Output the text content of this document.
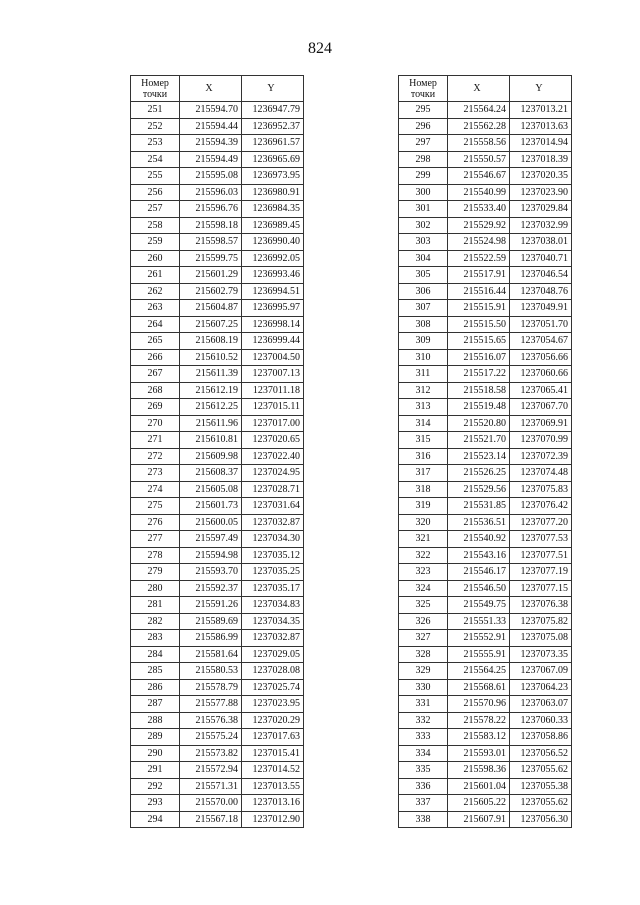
824
Номер точки	X	Y
251	215594.70	1236947.79
252	215594.44	1236952.37
253	215594.39	1236961.57
254	215594.49	1236965.69
255	215595.08	1236973.95
256	215596.03	1236980.91
257	215596.76	1236984.35
258	215598.18	1236989.45
259	215598.57	1236990.40
260	215599.75	1236992.05
261	215601.29	1236993.46
262	215602.79	1236994.51
263	215604.87	1236995.97
264	215607.25	1236998.14
265	215608.19	1236999.44
266	215610.52	1237004.50
267	215611.39	1237007.13
268	215612.19	1237011.18
269	215612.25	1237015.11
270	215611.96	1237017.00
271	215610.81	1237020.65
272	215609.98	1237022.40
273	215608.37	1237024.95
274	215605.08	1237028.71
275	215601.73	1237031.64
276	215600.05	1237032.87
277	215597.49	1237034.30
278	215594.98	1237035.12
279	215593.70	1237035.25
280	215592.37	1237035.17
281	215591.26	1237034.83
282	215589.69	1237034.35
283	215586.99	1237032.87
284	215581.64	1237029.05
285	215580.53	1237028.08
286	215578.79	1237025.74
287	215577.88	1237023.95
288	215576.38	1237020.29
289	215575.24	1237017.63
290	215573.82	1237015.41
291	215572.94	1237014.52
292	215571.31	1237013.55
293	215570.00	1237013.16
294	215567.18	1237012.90
Номер точки	X	Y
295	215564.24	1237013.21
296	215562.28	1237013.63
297	215558.56	1237014.94
298	215550.57	1237018.39
299	215546.67	1237020.35
300	215540.99	1237023.90
301	215533.40	1237029.84
302	215529.92	1237032.99
303	215524.98	1237038.01
304	215522.59	1237040.71
305	215517.91	1237046.54
306	215516.44	1237048.76
307	215515.91	1237049.91
308	215515.50	1237051.70
309	215515.65	1237054.67
310	215516.07	1237056.66
311	215517.22	1237060.66
312	215518.58	1237065.41
313	215519.48	1237067.70
314	215520.80	1237069.91
315	215521.70	1237070.99
316	215523.14	1237072.39
317	215526.25	1237074.48
318	215529.56	1237075.83
319	215531.85	1237076.42
320	215536.51	1237077.20
321	215540.92	1237077.53
322	215543.16	1237077.51
323	215546.17	1237077.19
324	215546.50	1237077.15
325	215549.75	1237076.38
326	215551.33	1237075.82
327	215552.91	1237075.08
328	215555.91	1237073.35
329	215564.25	1237067.09
330	215568.61	1237064.23
331	215570.96	1237063.07
332	215578.22	1237060.33
333	215583.12	1237058.86
334	215593.01	1237056.52
335	215598.36	1237055.62
336	215601.04	1237055.38
337	215605.22	1237055.62
338	215607.91	1237056.30
